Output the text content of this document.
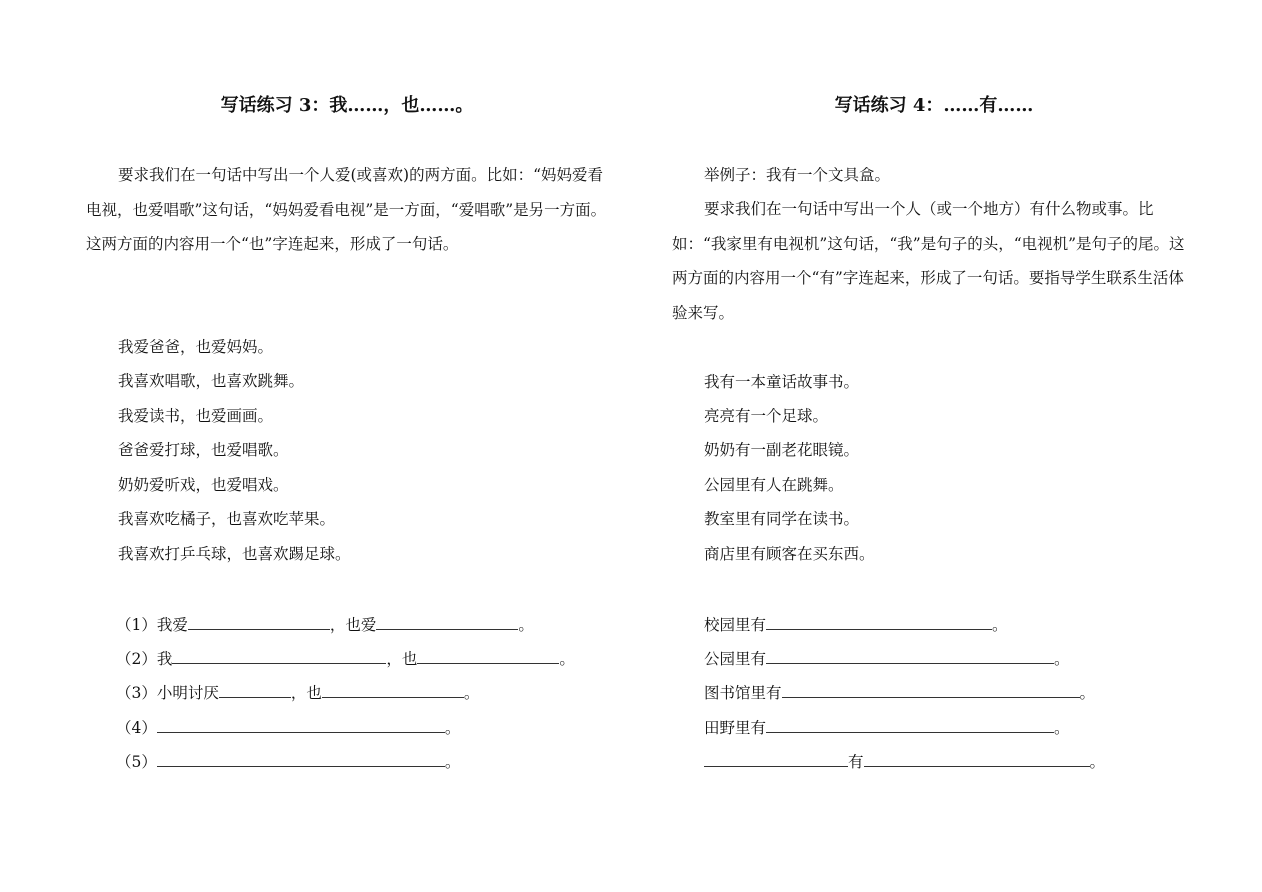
写话练习 3：我……，也……。
要求我们在一句话中写出一个人爱(或喜欢)的两方面。比如：“妈妈爱看电视，也爱唱歌”这句话，“妈妈爱看电视”是一方面，“爱唱歌”是另一方面。这两方面的内容用一个“也”字连起来，形成了一句话。
我爱爸爸，也爱妈妈。
我喜欢唱歌，也喜欢跳舞。
我爱读书，也爱画画。
爸爸爱打球，也爱唱歌。
奶奶爱听戏，也爱唱戏。
我喜欢吃橘子，也喜欢吃苹果。
我喜欢打乒乓球，也喜欢踢足球。
（1）我爱	，也爱	。
（2）我	，也	。
（3）小明讨厌	，也	。
（4）	。
（5）	。
写话练习 4：……有……
举例子：我有一个文具盒。
要求我们在一句话中写出一个人（或一个地方）有什么物或事。比如：“我家里有电视机”这句话，“我”是句子的头，“电视机”是句子的尾。这两方面的内容用一个“有”字连起来，形成了一句话。要指导学生联系生活体验来写。
我有一本童话故事书。
亮亮有一个足球。
奶奶有一副老花眼镜。
公园里有人在跳舞。
教室里有同学在读书。
商店里有顾客在买东西。
校园里有	。
公园里有	。
图书馆里有	。
田野里有	。
有	。
